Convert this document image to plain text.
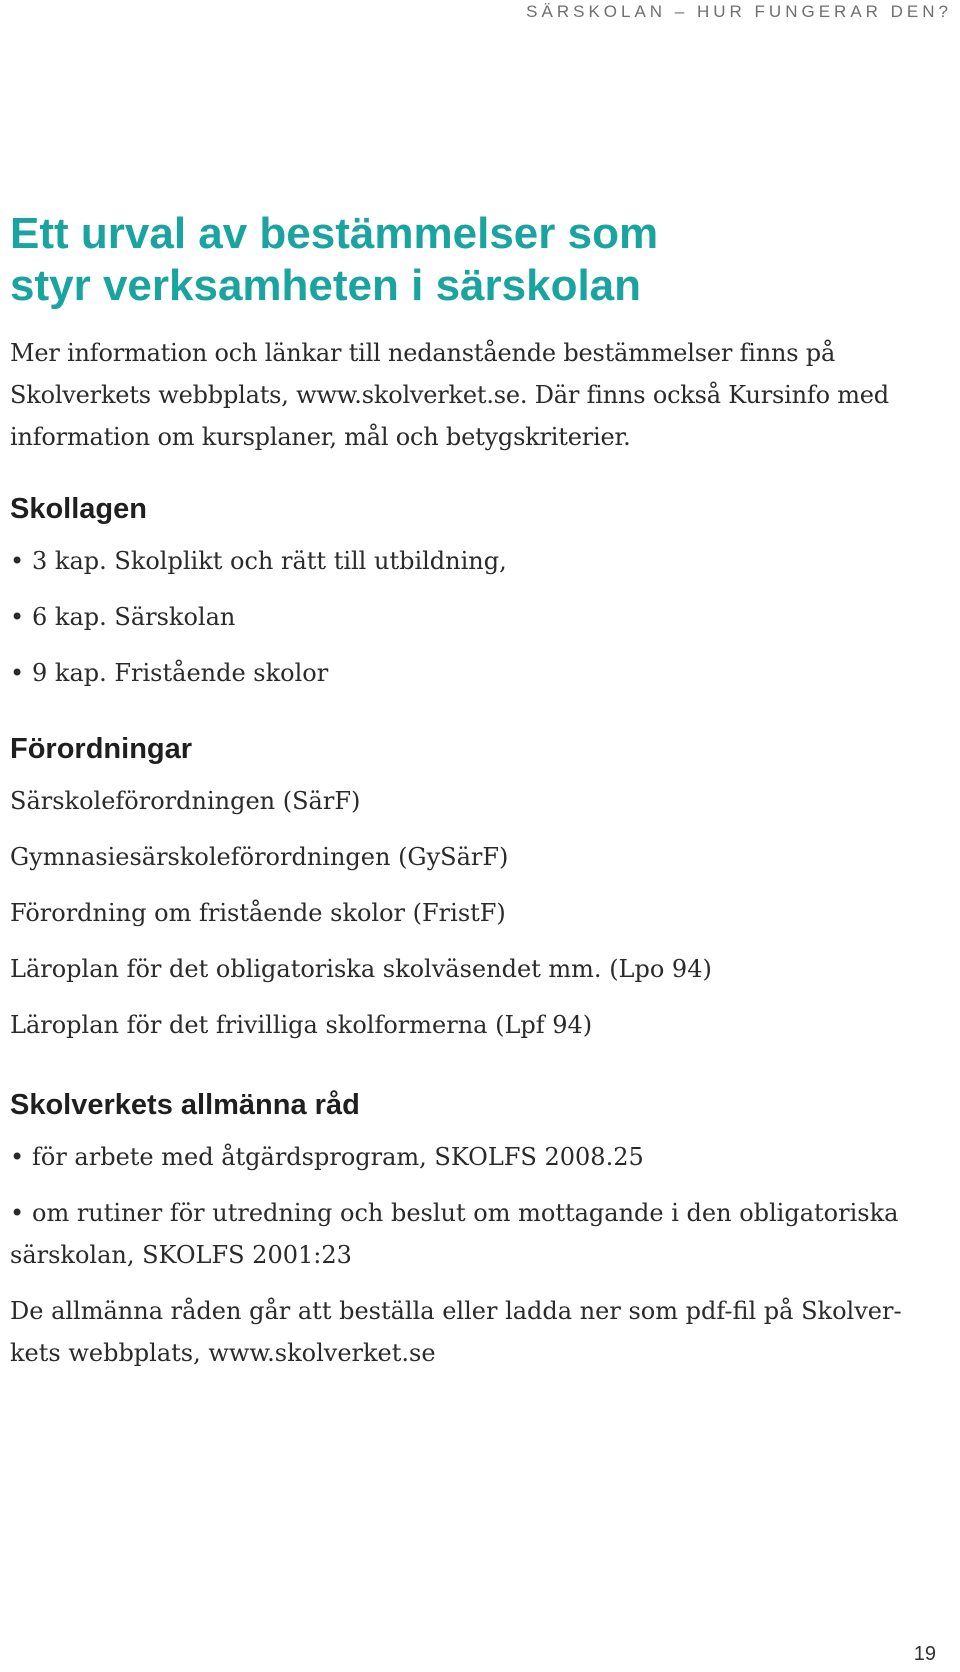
SÄRSKOLAN – HUR FUNGERAR DEN?
Ett urval av bestämmelser som
styr verksamheten i särskolan

Mer information och länkar till nedanstående bestämmelser finns på
Skolverkets webbplats, www.skolverket.se. Där finns också Kursinfo med
information om kursplaner, mål och betygskriterier.

Skollagen
• 3 kap. Skolplikt och rätt till utbildning,
• 6 kap. Särskolan
• 9 kap. Fristående skolor
Förordningar
Särskoleförordningen (SärF)
Gymnasiesärskoleförordningen (GySärF)
Förordning om fristående skolor (FristF)
Läroplan för det obligatoriska skolväsendet mm. (Lpo 94)
Läroplan för det frivilliga skolformerna (Lpf 94)
Skolverkets allmänna råd
• för arbete med åtgärdsprogram, SKOLFS 2008.25
• om rutiner för utredning och beslut om mottagande i den obligatoriska
särskolan, SKOLFS 2001:23

De allmänna råden går att beställa eller ladda ner som pdf-fil på Skolver-
kets webbplats, www.skolverket.se

19
